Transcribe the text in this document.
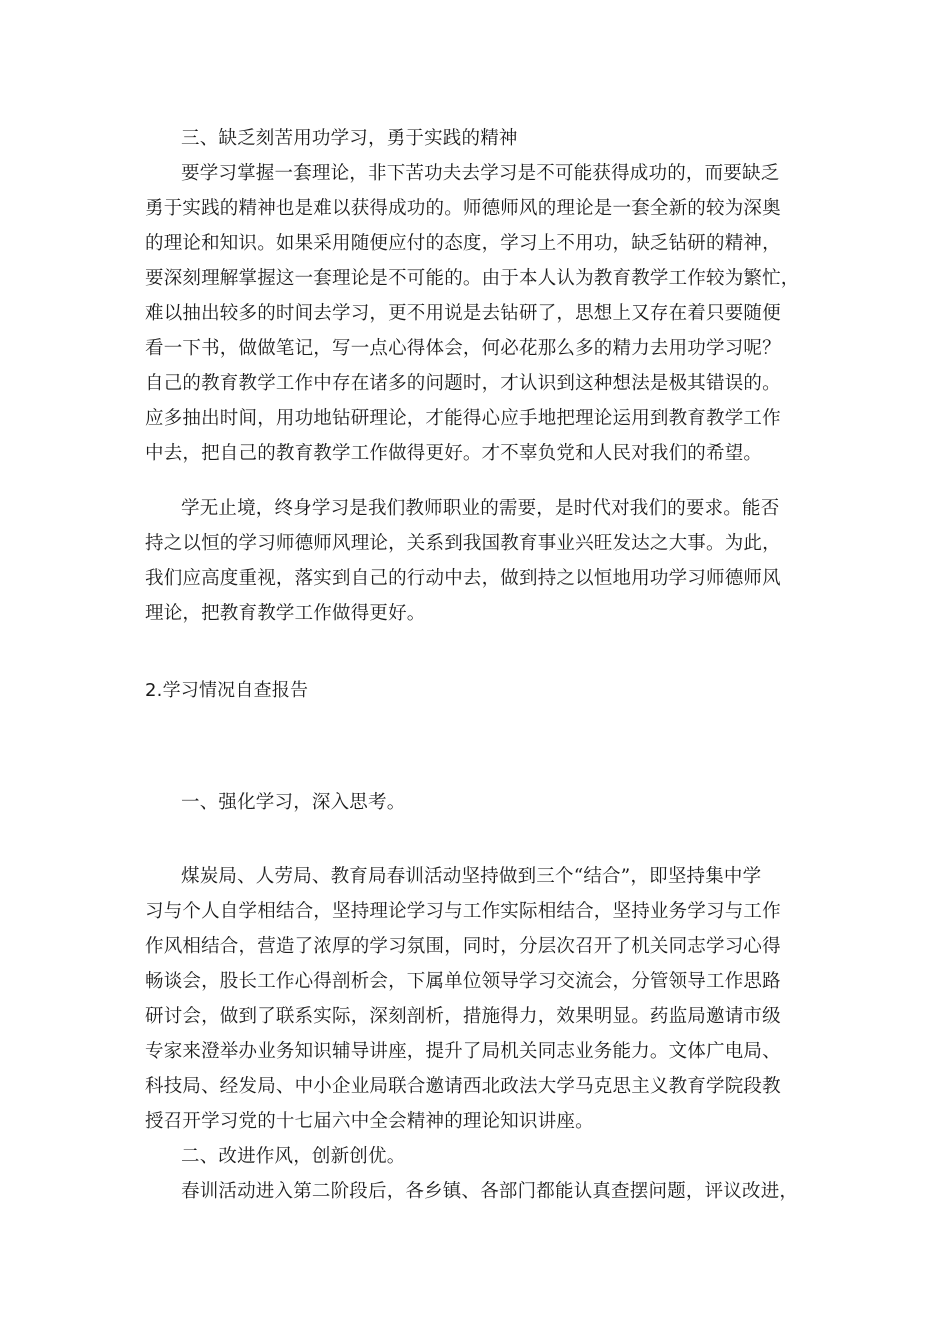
三、缺乏刻苦用功学习，勇于实践的精神
要学习掌握一套理论，非下苦功夫去学习是不可能获得成功的，而要缺乏
勇于实践的精神也是难以获得成功的。师德师风的理论是一套全新的较为深奥
的理论和知识。如果采用随便应付的态度，学习上不用功，缺乏钻研的精神，
要深刻理解掌握这一套理论是不可能的。由于本人认为教育教学工作较为繁忙，
难以抽出较多的时间去学习，更不用说是去钻研了，思想上又存在着只要随便
看一下书，做做笔记，写一点心得体会，何必花那么多的精力去用功学习呢？
自己的教育教学工作中存在诸多的问题时，才认识到这种想法是极其错误的。
应多抽出时间，用功地钻研理论，才能得心应手地把理论运用到教育教学工作
中去，把自己的教育教学工作做得更好。才不辜负党和人民对我们的希望。
学无止境，终身学习是我们教师职业的需要，是时代对我们的要求。能否
持之以恒的学习师德师风理论，关系到我国教育事业兴旺发达之大事。为此，
我们应高度重视，落实到自己的行动中去，做到持之以恒地用功学习师德师风
理论，把教育教学工作做得更好。
2.学习情况自查报告
一、强化学习，深入思考。
煤炭局、人劳局、教育局春训活动坚持做到三个“结合”，即坚持集中学
习与个人自学相结合，坚持理论学习与工作实际相结合，坚持业务学习与工作
作风相结合，营造了浓厚的学习氛围，同时，分层次召开了机关同志学习心得
畅谈会，股长工作心得剖析会，下属单位领导学习交流会，分管领导工作思路
研讨会，做到了联系实际，深刻剖析，措施得力，效果明显。药监局邀请市级
专家来澄举办业务知识辅导讲座，提升了局机关同志业务能力。文体广电局、
科技局、经发局、中小企业局联合邀请西北政法大学马克思主义教育学院段教
授召开学习党的十七届六中全会精神的理论知识讲座。
二、改进作风，创新创优。
春训活动进入第二阶段后，各乡镇、各部门都能认真查摆问题，评议改进，
